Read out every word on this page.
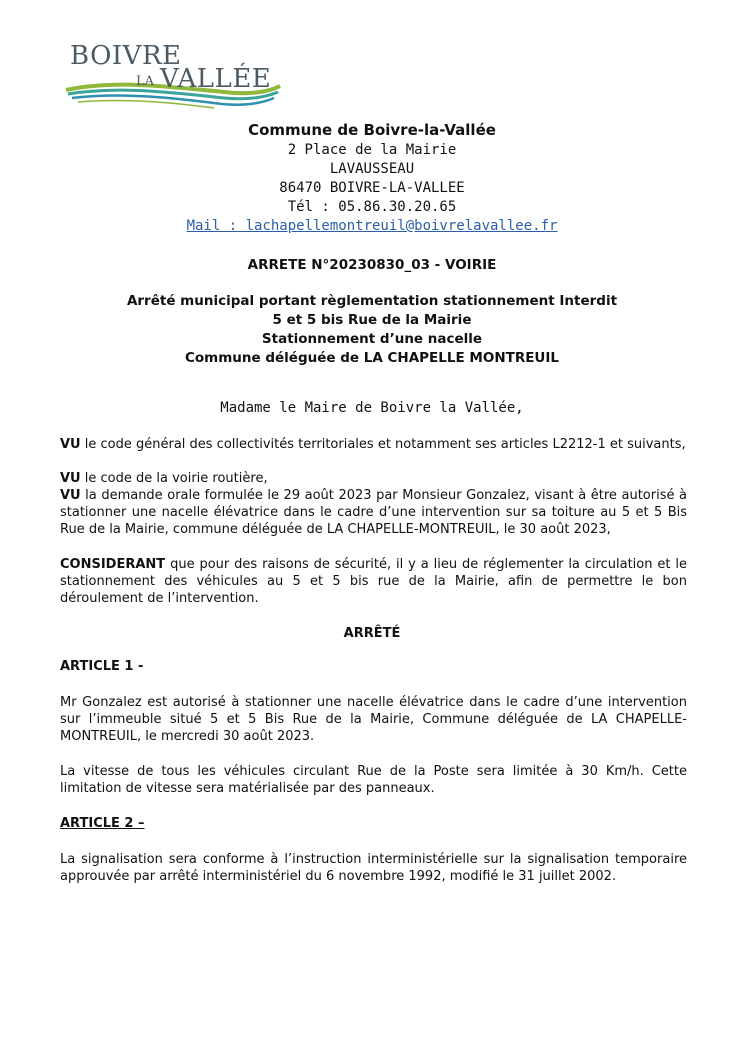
BOIVRE
LA VALLÉE
Commune de Boivre-la-Vallée
2 Place de la Mairie
LAVAUSSEAU
86470 BOIVRE-LA-VALLEE
Tél : 05.86.30.20.65
Mail : lachapellemontreuil@boivrelavallee.fr
ARRETE N°20230830_03 - VOIRIE
Arrêté municipal portant règlementation stationnement Interdit
5 et 5 bis Rue de la Mairie
Stationnement d’une nacelle
Commune déléguée de LA CHAPELLE MONTREUIL
Madame le Maire de Boivre la Vallée,
VU le code général des collectivités territoriales et notamment ses articles L2212-1 et suivants,
VU le code de la voirie routière,
VU la demande orale formulée le 29 août 2023 par Monsieur Gonzalez, visant à être autorisé à stationner une nacelle élévatrice dans le cadre d’une intervention sur sa toiture au 5 et 5 Bis Rue de la Mairie, commune déléguée de LA CHAPELLE-MONTREUIL, le 30 août 2023,
CONSIDERANT que pour des raisons de sécurité, il y a lieu de réglementer la circulation et le stationnement des véhicules au 5 et 5 bis rue de la Mairie, afin de permettre le bon déroulement de l’intervention.
ARRÊTÉ
ARTICLE 1 -
Mr Gonzalez est autorisé à stationner une nacelle élévatrice dans le cadre d’une intervention sur l’immeuble situé 5 et 5 Bis Rue de la Mairie, Commune déléguée de LA CHAPELLE-MONTREUIL, le mercredi 30 août 2023.
La vitesse de tous les véhicules circulant Rue de la Poste sera limitée à 30 Km/h. Cette limitation de vitesse sera matérialisée par des panneaux.
ARTICLE 2 –
La signalisation sera conforme à l’instruction interministérielle sur la signalisation temporaire approuvée par arrêté interministériel du 6 novembre 1992, modifié le 31 juillet 2002.
